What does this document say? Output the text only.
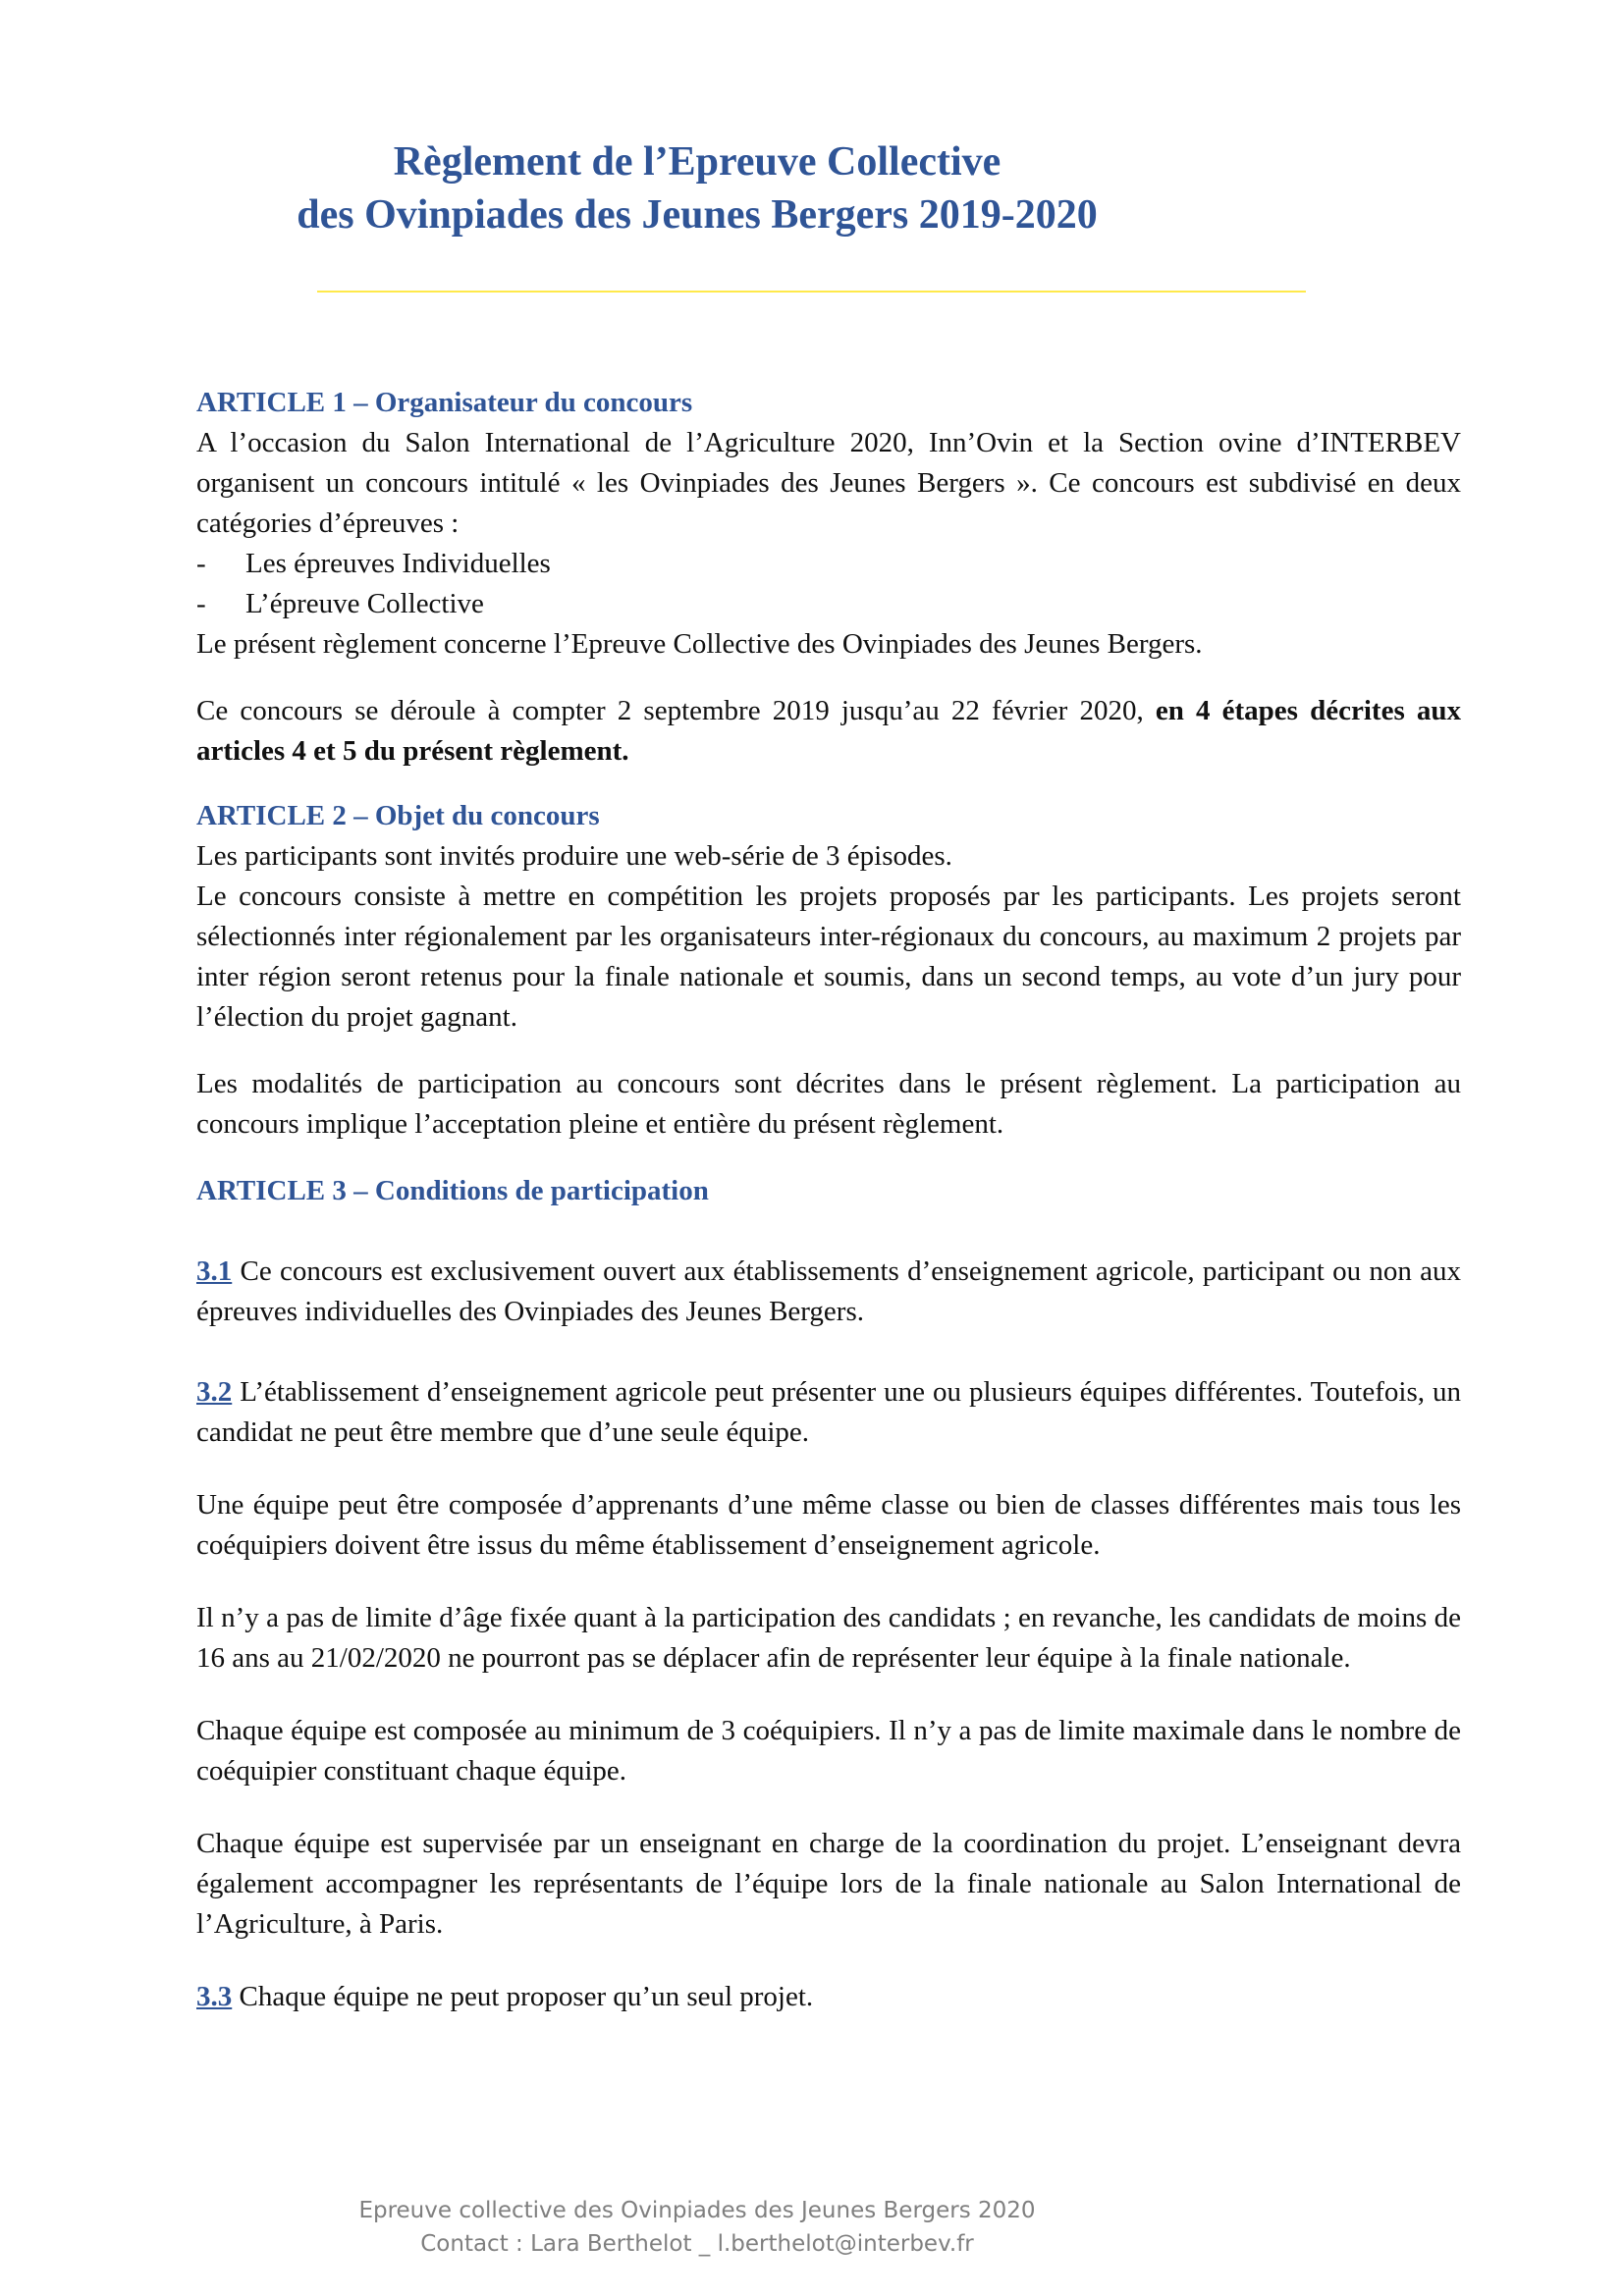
Règlement de l’Epreuve Collective
des Ovinpiades des Jeunes Bergers 2019-2020

ARTICLE 1 – Organisateur du concours

A l’occasion du Salon International de l’Agriculture 2020, Inn’Ovin et la Section ovine d’INTERBEV organisent un concours intitulé « les Ovinpiades des Jeunes Bergers ». Ce concours est subdivisé en deux catégories d’épreuves :

-	Les épreuves Individuelles
-	L’épreuve Collective

Le présent règlement concerne l’Epreuve Collective des Ovinpiades des Jeunes Bergers.

Ce concours se déroule à compter 2 septembre 2019 jusqu’au 22 février 2020, en 4 étapes décrites aux articles 4 et 5 du présent règlement.

ARTICLE 2 – Objet du concours

Les participants sont invités produire une web-série de 3 épisodes.

Le concours consiste à mettre en compétition les projets proposés par les participants. Les projets seront sélectionnés inter régionalement par les organisateurs inter-régionaux du concours, au maximum 2 projets par inter région seront retenus pour la finale nationale et soumis, dans un second temps, au vote d’un jury pour l’élection du projet gagnant.

Les modalités de participation au concours sont décrites dans le présent règlement. La participation au concours implique l’acceptation pleine et entière du présent règlement.

ARTICLE 3 – Conditions de participation

3.1 Ce concours est exclusivement ouvert aux établissements d’enseignement agricole, participant ou non aux épreuves individuelles des Ovinpiades des Jeunes Bergers.

3.2 L’établissement d’enseignement agricole peut présenter une ou plusieurs équipes différentes. Toutefois, un candidat ne peut être membre que d’une seule équipe.

Une équipe peut être composée d’apprenants d’une même classe ou bien de classes différentes mais tous les coéquipiers doivent être issus du même établissement d’enseignement agricole.

Il n’y a pas de limite d’âge fixée quant à la participation des candidats ; en revanche, les candidats de moins de 16 ans au 21/02/2020 ne pourront pas se déplacer afin de représenter leur équipe à la finale nationale.

Chaque équipe est composée au minimum de 3 coéquipiers. Il n’y a pas de limite maximale dans le nombre de coéquipier constituant chaque équipe.

Chaque équipe est supervisée par un enseignant en charge de la coordination du projet. L’enseignant devra également accompagner les représentants de l’équipe lors de la finale nationale au Salon International de l’Agriculture, à Paris.

3.3 Chaque équipe ne peut proposer qu’un seul projet.

Epreuve collective des Ovinpiades des Jeunes Bergers 2020
Contact : Lara Berthelot _ l.berthelot@interbev.fr
